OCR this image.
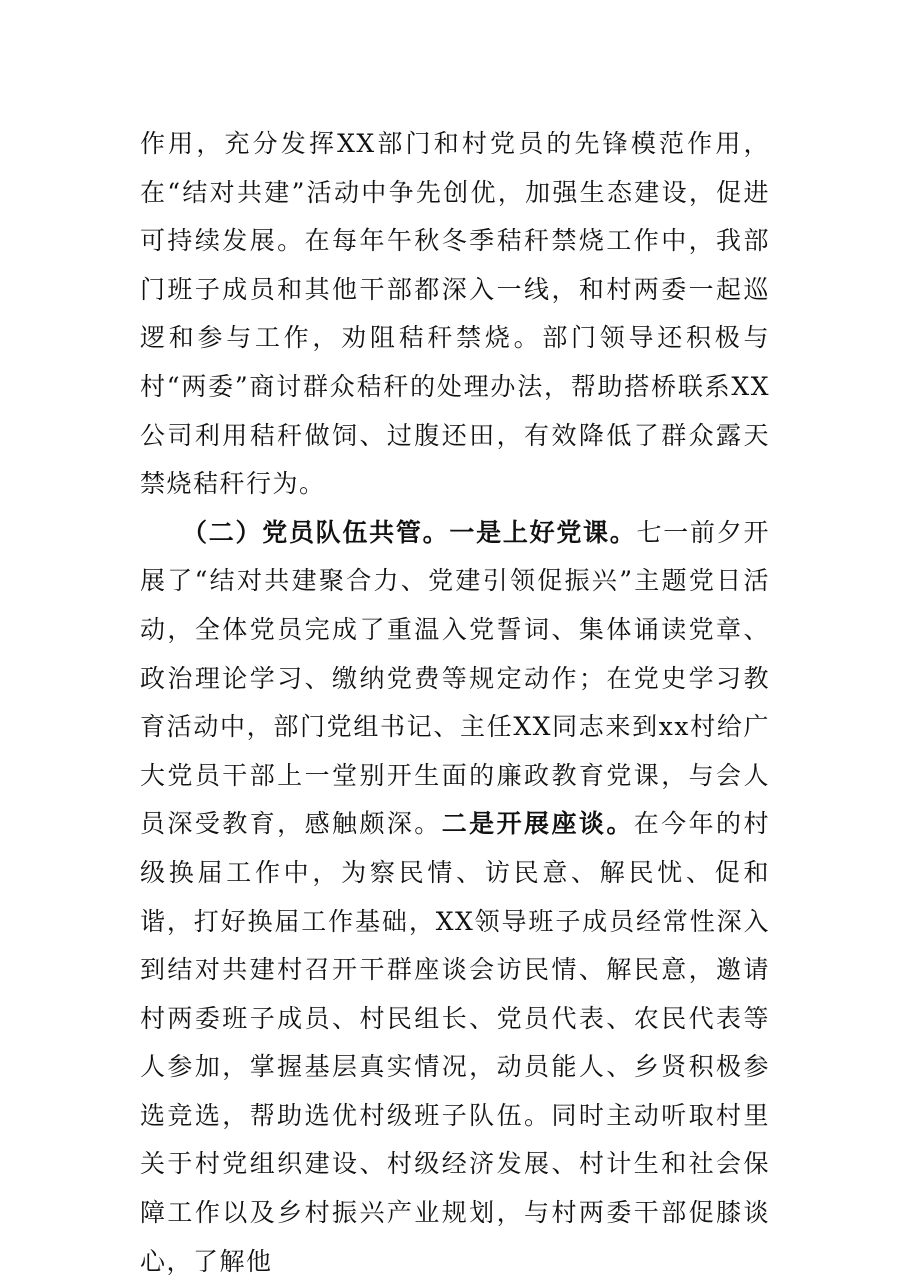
作用，充分发挥XX部门和村党员的先锋模范作用，在“结对共建”活动中争先创优，加强生态建设，促进可持续发展。在每年午秋冬季秸秆禁烧工作中，我部门班子成员和其他干部都深入一线，和村两委一起巡逻和参与工作，劝阻秸秆禁烧。部门领导还积极与村“两委”商讨群众秸秆的处理办法，帮助搭桥联系XX公司利用秸秆做饲、过腹还田，有效降低了群众露天禁烧秸秆行为。

（二）党员队伍共管。一是上好党课。七一前夕开展了“结对共建聚合力、党建引领促振兴”主题党日活动，全体党员完成了重温入党誓词、集体诵读党章、政治理论学习、缴纳党费等规定动作；在党史学习教育活动中，部门党组书记、主任XX同志来到xx村给广大党员干部上一堂别开生面的廉政教育党课，与会人员深受教育，感触颇深。二是开展座谈。在今年的村级换届工作中，为察民情、访民意、解民忧、促和谐，打好换届工作基础，XX领导班子成员经常性深入到结对共建村召开干群座谈会访民情、解民意，邀请村两委班子成员、村民组长、党员代表、农民代表等人参加，掌握基层真实情况，动员能人、乡贤积极参选竞选，帮助选优村级班子队伍。同时主动听取村里关于村党组织建设、村级经济发展、村计生和社会保障工作以及乡村振兴产业规划，与村两委干部促膝谈心，了解他
